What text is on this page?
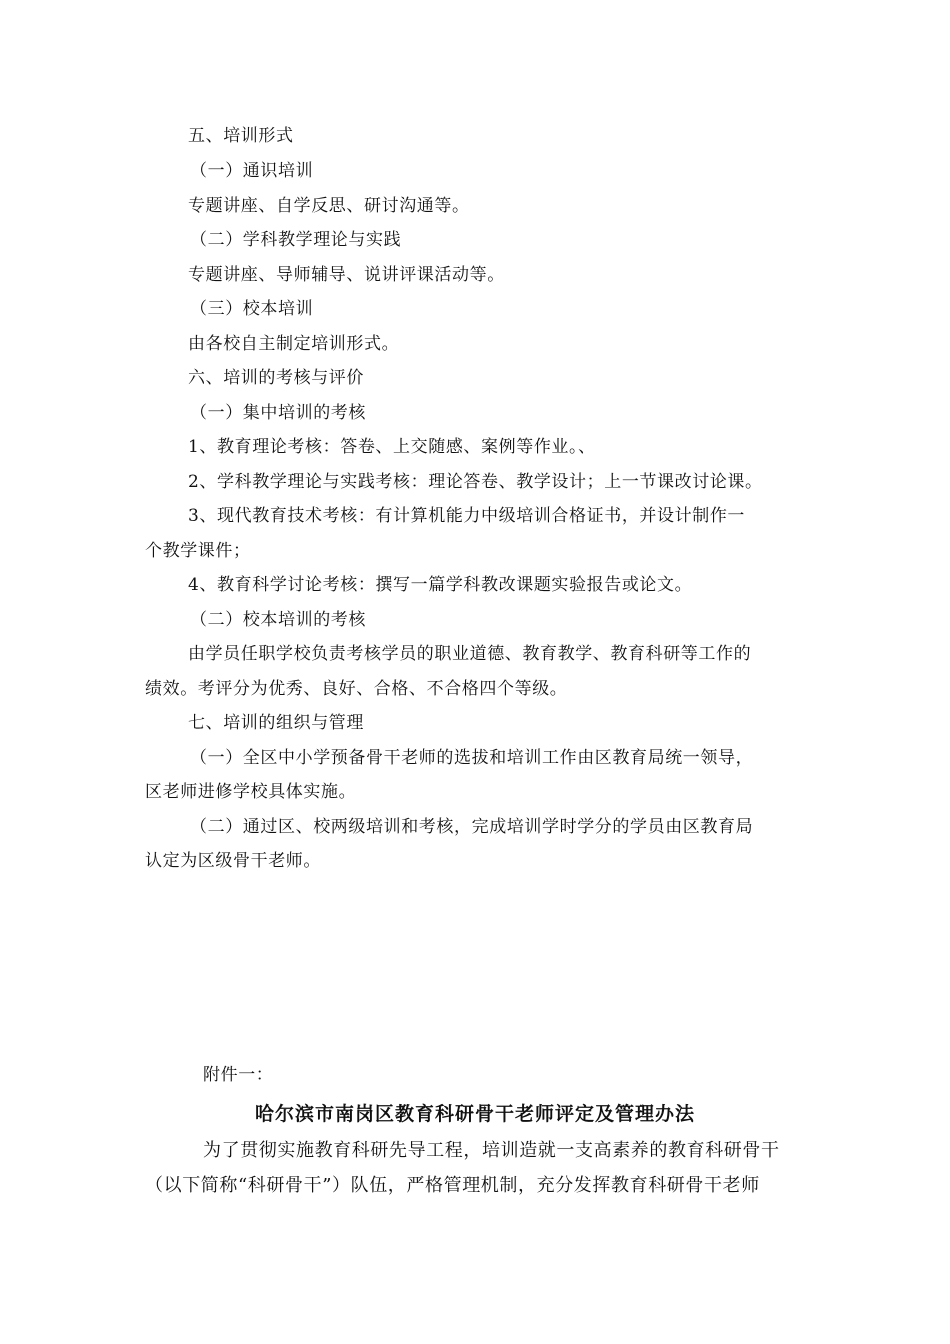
五、培训形式
（一）通识培训
专题讲座、自学反思、研讨沟通等。
（二）学科教学理论与实践
专题讲座、导师辅导、说讲评课活动等。
（三）校本培训
由各校自主制定培训形式。
六、培训的考核与评价
（一）集中培训的考核
1、教育理论考核：答卷、上交随感、案例等作业。、
2、学科教学理论与实践考核：理论答卷、教学设计；上一节课改讨论课。
3、现代教育技术考核：有计算机能力中级培训合格证书，并设计制作一
个教学课件；
4、教育科学讨论考核：撰写一篇学科教改课题实验报告或论文。
（二）校本培训的考核
由学员任职学校负责考核学员的职业道德、教育教学、教育科研等工作的
绩效。考评分为优秀、良好、合格、不合格四个等级。
七、培训的组织与管理
（一）全区中小学预备骨干老师的选拔和培训工作由区教育局统一领导，
区老师进修学校具体实施。
（二）通过区、校两级培训和考核，完成培训学时学分的学员由区教育局
认定为区级骨干老师。
附件一：
哈尔滨市南岗区教育科研骨干老师评定及管理办法
为了贯彻实施教育科研先导工程，培训造就一支高素养的教育科研骨干
（以下简称“科研骨干”）队伍，严格管理机制，充分发挥教育科研骨干老师
